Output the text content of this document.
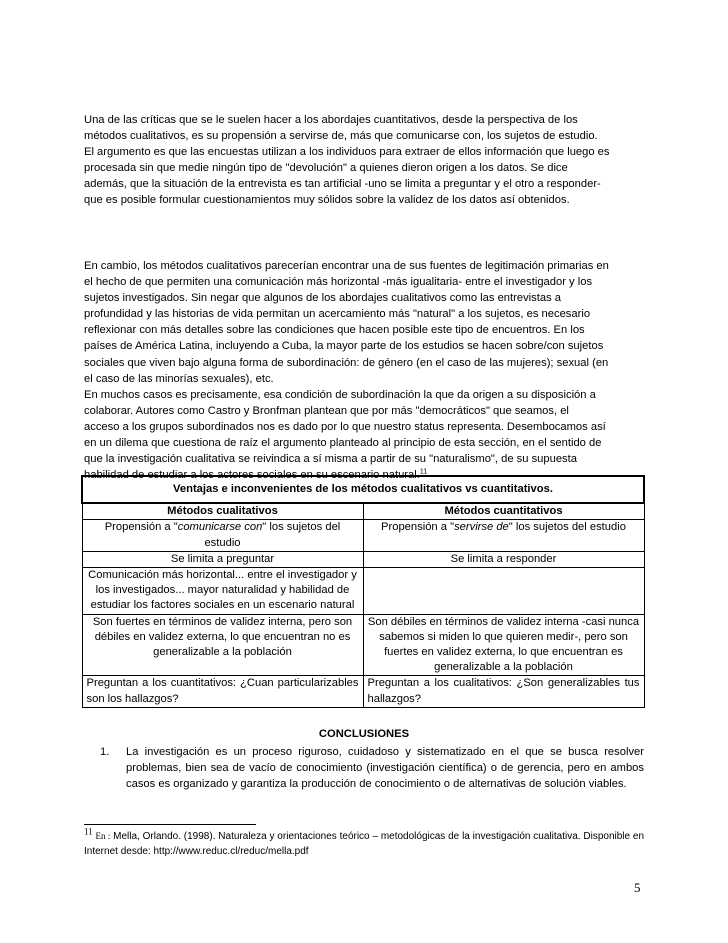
Una de las críticas que se le suelen hacer a los abordajes cuantitativos, desde la perspectiva de los
métodos cualitativos, es su propensión a servirse de, más que comunicarse con, los sujetos de estudio.
El argumento es que las encuestas utilizan a los individuos para extraer de ellos información que luego es
procesada sin que medie ningún tipo de "devolución" a quienes dieron origen a los datos. Se dice
además, que la situación de la entrevista es tan artificial -uno se limita a preguntar y el otro a responder-
que es posible formular cuestionamientos muy sólidos sobre la validez de los datos así obtenidos.
En cambio, los métodos cualitativos parecerían encontrar una de sus fuentes de legitimación primarias en
el hecho de que permiten una comunicación más horizontal -más igualitaria- entre el investigador y los
sujetos investigados. Sin negar que algunos de los abordajes cualitativos como las entrevistas a
profundidad y las historias de vida permitan un acercamiento más "natural" a los sujetos, es necesario
reflexionar con más detalles sobre las condiciones que hacen posible este tipo de encuentros. En los
países de América Latina, incluyendo a Cuba, la mayor parte de los estudios se hacen sobre/con sujetos
sociales que viven bajo alguna forma de subordinación: de género (en el caso de las mujeres); sexual (en
el caso de las minorías sexuales), etc.
En muchos casos es precisamente, esa condición de subordinación la que da origen a su disposición a
colaborar. Autores como Castro y Bronfman plantean que por más "democráticos" que seamos, el
acceso a los grupos subordinados nos es dado por lo que nuestro status representa. Desembocamos así
en un dilema que cuestiona de raíz el argumento planteado al principio de esta sección, en el sentido de
que la investigación cualitativa se reivindica a sí misma a partir de su "naturalismo", de su supuesta
habilidad de estudiar a los actores sociales en su escenario natural.$^{11}$
Ventajas e inconvenientes de los métodos cualitativos vs cuantitativos.	
Métodos cualitativos	Métodos cuantitativos
Propensión a "comunicarse con" los sujetos del estudio	Propensión a "servirse de" los sujetos del estudio
Se limita a preguntar	Se limita a responder
Comunicación más horizontal... entre el investigador y los investigados... mayor naturalidad y habilidad de estudiar los factores sociales en un escenario natural	
Son fuertes en términos de validez interna, pero son débiles en validez externa, lo que encuentran no es generalizable a la población	Son débiles en términos de validez interna -casi nunca sabemos si miden lo que quieren medir-, pero son fuertes en validez externa, lo que encuentran es generalizable a la población
Preguntan a los cuantitativos: ¿Cuan particularizables son los hallazgos?	Preguntan a los cualitativos: ¿Son generalizables tus hallazgos?
CONCLUSIONES
1. La investigación es un proceso riguroso, cuidadoso y sistematizado en el que se busca resolver problemas, bien sea de vacío de conocimiento (investigación científica) o de gerencia, pero en ambos casos es organizado y garantiza la producción de conocimiento o de alternativas de solución viables.
$^{11}$ En : Mella, Orlando. (1998). Naturaleza y orientaciones teórico – metodológicas de la investigación cualitativa. Disponible en Internet desde: http://www.reduc.cl/reduc/mella.pdf
5
